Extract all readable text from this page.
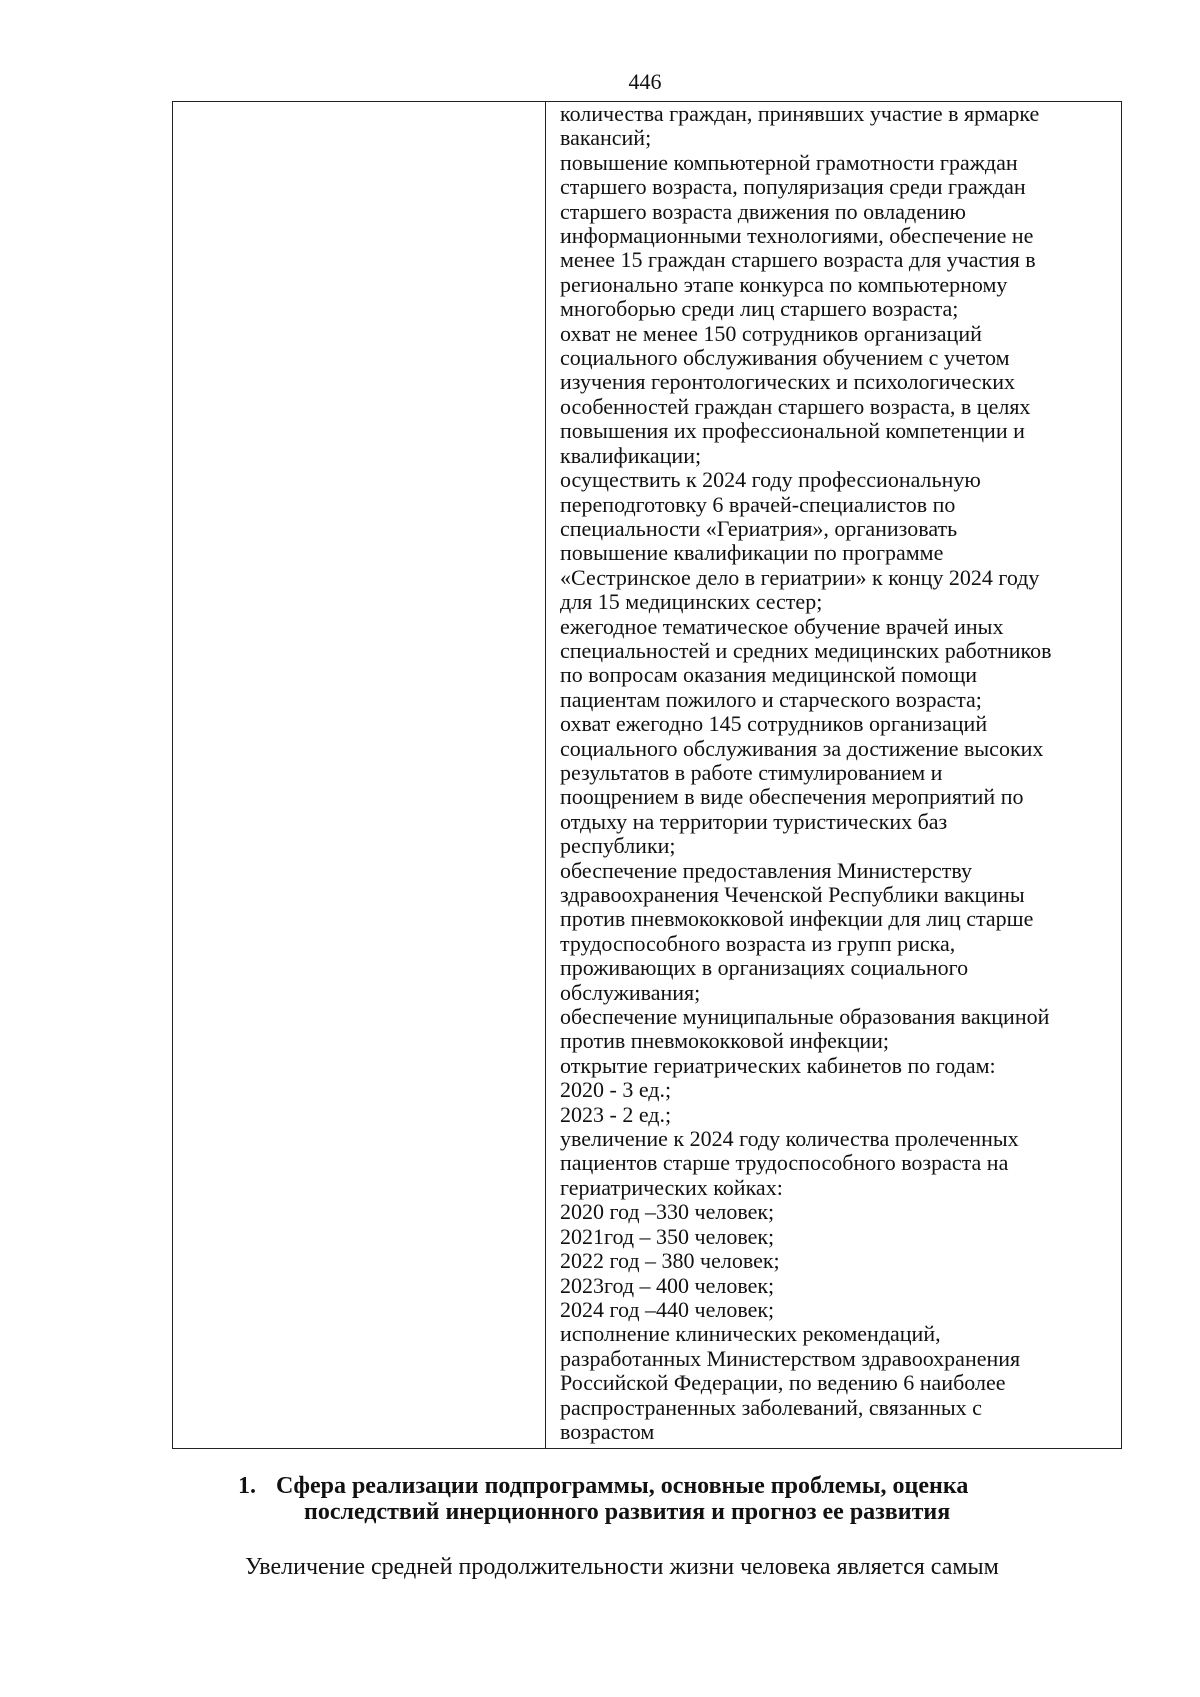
446

количества граждан, принявших участие в ярмарке
вакансий;
повышение компьютерной грамотности граждан
старшего возраста, популяризация среди граждан
старшего возраста движения по овладению
информационными технологиями, обеспечение не
менее 15 граждан старшего возраста для участия в
регионально этапе конкурса по компьютерному
многоборью среди лиц старшего возраста;
охват не менее 150 сотрудников организаций
социального обслуживания обучением с учетом
изучения геронтологических и психологических
особенностей граждан старшего возраста, в целях
повышения их профессиональной компетенции и
квалификации;
осуществить к 2024 году профессиональную
переподготовку 6 врачей-специалистов по
специальности «Гериатрия», организовать
повышение квалификации по программе
«Сестринское дело в гериатрии» к концу 2024 году
для 15 медицинских сестер;
ежегодное тематическое обучение врачей иных
специальностей и средних медицинских работников
по вопросам оказания медицинской помощи
пациентам пожилого и старческого возраста;
охват ежегодно 145 сотрудников организаций
социального обслуживания за достижение высоких
результатов в работе стимулированием и
поощрением в виде обеспечения мероприятий по
отдыху на территории туристических баз
республики;
обеспечение предоставления Министерству
здравоохранения Чеченской Республики вакцины
против пневмококковой инфекции для лиц старше
трудоспособного возраста из групп риска,
проживающих в организациях социального
обслуживания;
обеспечение муниципальные образования вакциной
против пневмококковой инфекции;
открытие гериатрических кабинетов по годам:
2020 - 3 ед.;
2023 - 2 ед.;
увеличение к 2024 году количества пролеченных
пациентов старше трудоспособного возраста на
гериатрических койках:
2020 год –330 человек;
2021год – 350 человек;
2022 год – 380 человек;
2023год – 400 человек;
2024 год –440 человек;
исполнение клинических рекомендаций,
разработанных Министерством здравоохранения
Российской Федерации, по ведению 6 наиболее
распространенных заболеваний, связанных с
возрастом
1. Сфера реализации подпрограммы, основные проблемы, оценка
последствий инерционного развития и прогноз ее развития
Увеличение средней продолжительности жизни человека является самым
